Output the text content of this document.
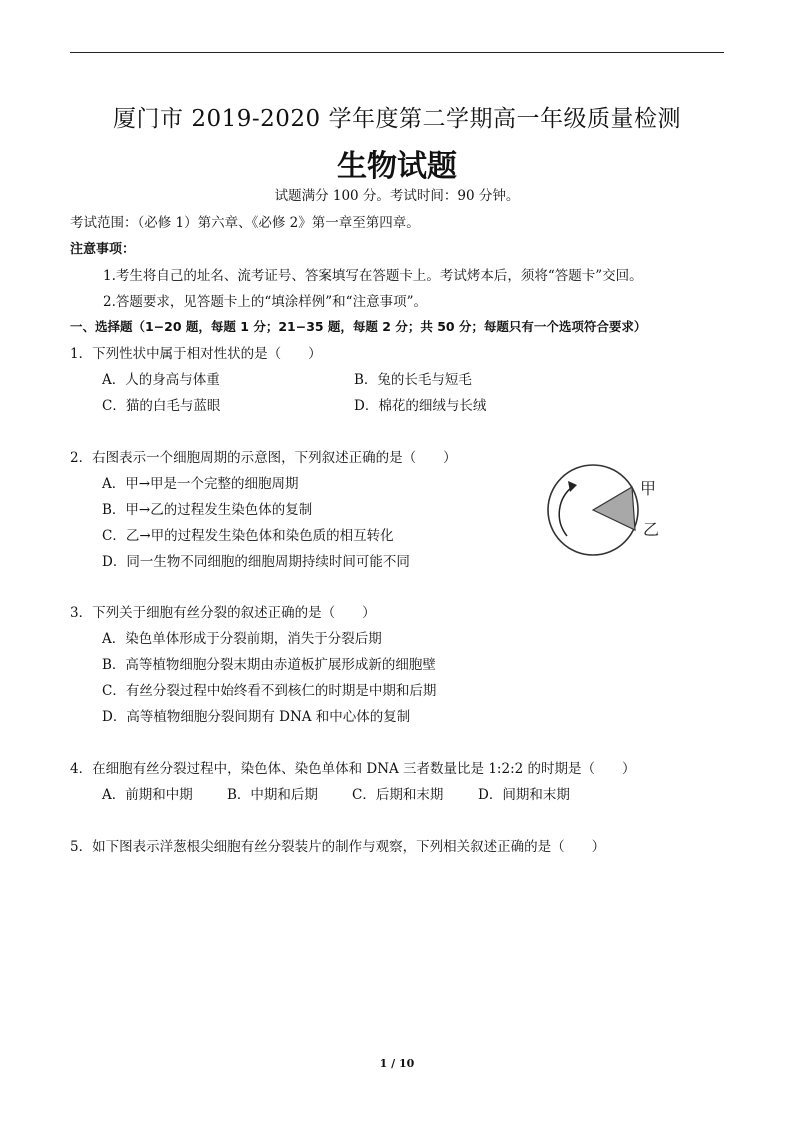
厦门市 2019-2020 学年度第二学期高一年级质量检测
生物试题
试题满分 100 分。考试时间：90 分钟。
考试范围：（必修 1）第六章、《必修 2》第一章至第四章。
注意事项：
1.考生将自己的址名、流考证号、答案填写在答题卡上。考试烤本后，须将“答题卡”交回。
2.答题要求，见答题卡上的“填涂样例”和“注意事项”。
一、选择题（1−20 题，每题 1 分；21−35 题，每题 2 分；共 50 分；每题只有一个选项符合要求）
1．下列性状中属于相对性状的是（　　）
A．人的身高与体重	B．兔的长毛与短毛
C．猫的白毛与蓝眼	D．棉花的细绒与长绒
2．右图表示一个细胞周期的示意图，下列叙述正确的是（　　）
A．甲→甲是一个完整的细胞周期
B．甲→乙的过程发生染色体的复制
C．乙→甲的过程发生染色体和染色质的相互转化
D．同一生物不同细胞的细胞周期持续时间可能不同
甲
乙
3．下列关于细胞有丝分裂的叙述正确的是（　　）
A．染色单体形成于分裂前期，消失于分裂后期
B．高等植物细胞分裂末期由赤道板扩展形成新的细胞壁
C．有丝分裂过程中始终看不到核仁的时期是中期和后期
D．高等植物细胞分裂间期有 DNA 和中心体的复制
4．在细胞有丝分裂过程中，染色体、染色单体和 DNA 三者数量比是 1:2:2 的时期是（　　）
A．前期和中期	B．中期和后期	C．后期和末期	D．间期和末期
5．如下图表示洋葱根尖细胞有丝分裂装片的制作与观察，下列相关叙述正确的是（　　）
1 / 10
